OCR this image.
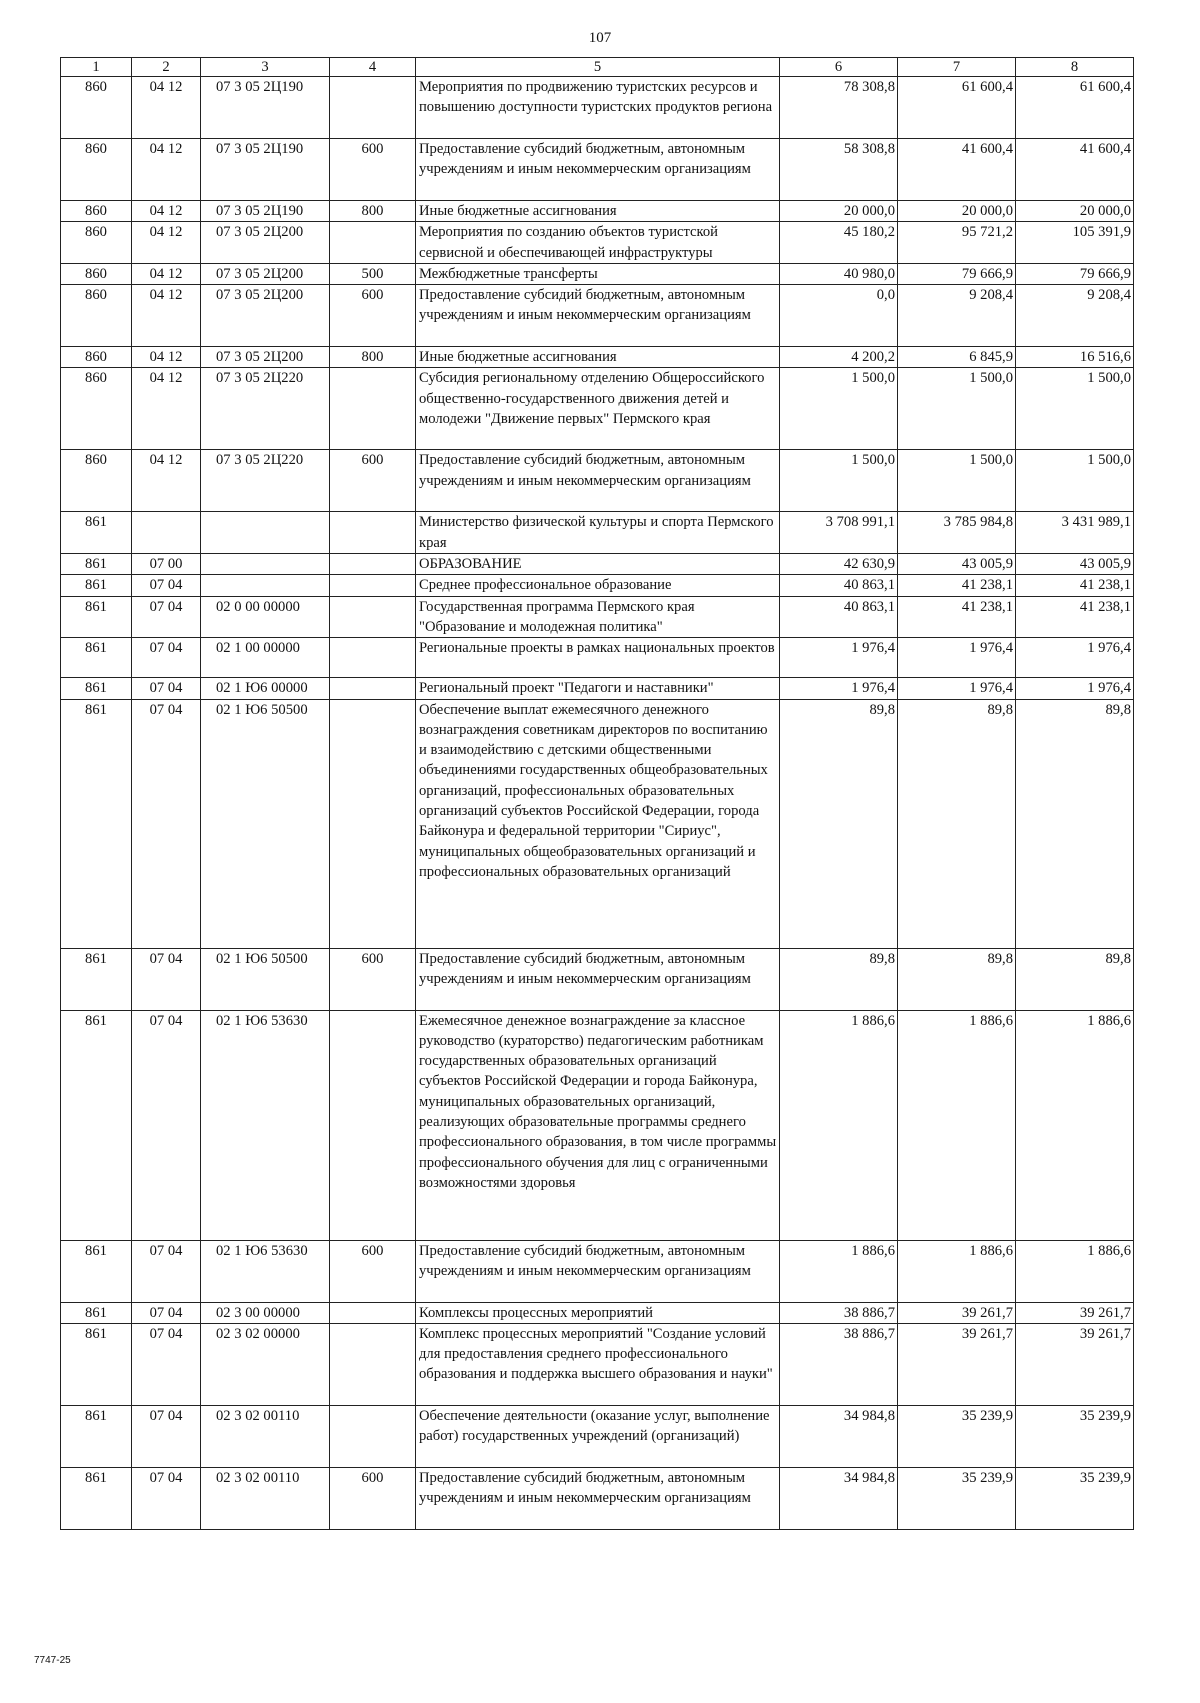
107
1	2	3	4	5	6	7	8
860	04 12	07 3 05 2Ц190		Мероприятия по продвижению туристских ресурсов и повышению доступности туристских продуктов региона	78 308,8	61 600,4	61 600,4
860	04 12	07 3 05 2Ц190	600	Предоставление субсидий бюджетным, автономным учреждениям и иным некоммерческим организациям	58 308,8	41 600,4	41 600,4
860	04 12	07 3 05 2Ц190	800	Иные бюджетные ассигнования	20 000,0	20 000,0	20 000,0
860	04 12	07 3 05 2Ц200		Мероприятия по созданию объектов туристской сервисной и обеспечивающей инфраструктуры	45 180,2	95 721,2	105 391,9
860	04 12	07 3 05 2Ц200	500	Межбюджетные трансферты	40 980,0	79 666,9	79 666,9
860	04 12	07 3 05 2Ц200	600	Предоставление субсидий бюджетным, автономным учреждениям и иным некоммерческим организациям	0,0	9 208,4	9 208,4
860	04 12	07 3 05 2Ц200	800	Иные бюджетные ассигнования	4 200,2	6 845,9	16 516,6
860	04 12	07 3 05 2Ц220		Субсидия региональному отделению Общероссийского общественно-государственного движения детей и молодежи "Движение первых" Пермского края	1 500,0	1 500,0	1 500,0
860	04 12	07 3 05 2Ц220	600	Предоставление субсидий бюджетным, автономным учреждениям и иным некоммерческим организациям	1 500,0	1 500,0	1 500,0
861				Министерство физической культуры и спорта Пермского края	3 708 991,1	3 785 984,8	3 431 989,1
861	07 00			ОБРАЗОВАНИЕ	42 630,9	43 005,9	43 005,9
861	07 04			Среднее профессиональное образование	40 863,1	41 238,1	41 238,1
861	07 04	02 0 00 00000		Государственная программа Пермского края "Образование и молодежная политика"	40 863,1	41 238,1	41 238,1
861	07 04	02 1 00 00000		Региональные проекты в рамках национальных проектов	1 976,4	1 976,4	1 976,4
861	07 04	02 1 Ю6 00000		Региональный проект "Педагоги и наставники"	1 976,4	1 976,4	1 976,4
861	07 04	02 1 Ю6 50500		Обеспечение выплат ежемесячного денежного вознаграждения советникам директоров по воспитанию и взаимодействию с детскими общественными объединениями государственных общеобразовательных организаций, профессиональных образовательных организаций субъектов Российской Федерации, города Байконура и федеральной территории "Сириус", муниципальных общеобразовательных организаций и профессиональных образовательных организаций	89,8	89,8	89,8
861	07 04	02 1 Ю6 50500	600	Предоставление субсидий бюджетным, автономным учреждениям и иным некоммерческим организациям	89,8	89,8	89,8
861	07 04	02 1 Ю6 53630		Ежемесячное денежное вознаграждение за классное руководство (кураторство) педагогическим работникам государственных образовательных организаций субъектов Российской Федерации и города Байконура, муниципальных образовательных организаций, реализующих образовательные программы среднего профессионального образования, в том числе программы профессионального обучения для лиц с ограниченными возможностями здоровья	1 886,6	1 886,6	1 886,6
861	07 04	02 1 Ю6 53630	600	Предоставление субсидий бюджетным, автономным учреждениям и иным некоммерческим организациям	1 886,6	1 886,6	1 886,6
861	07 04	02 3 00 00000		Комплексы процессных мероприятий	38 886,7	39 261,7	39 261,7
861	07 04	02 3 02 00000		Комплекс процессных мероприятий "Создание условий для предоставления среднего профессионального образования и поддержка высшего образования и науки"	38 886,7	39 261,7	39 261,7
861	07 04	02 3 02 00110		Обеспечение деятельности (оказание услуг, выполнение работ) государственных учреждений (организаций)	34 984,8	35 239,9	35 239,9
861	07 04	02 3 02 00110	600	Предоставление субсидий бюджетным, автономным учреждениям и иным некоммерческим организациям	34 984,8	35 239,9	35 239,9
7747-25
